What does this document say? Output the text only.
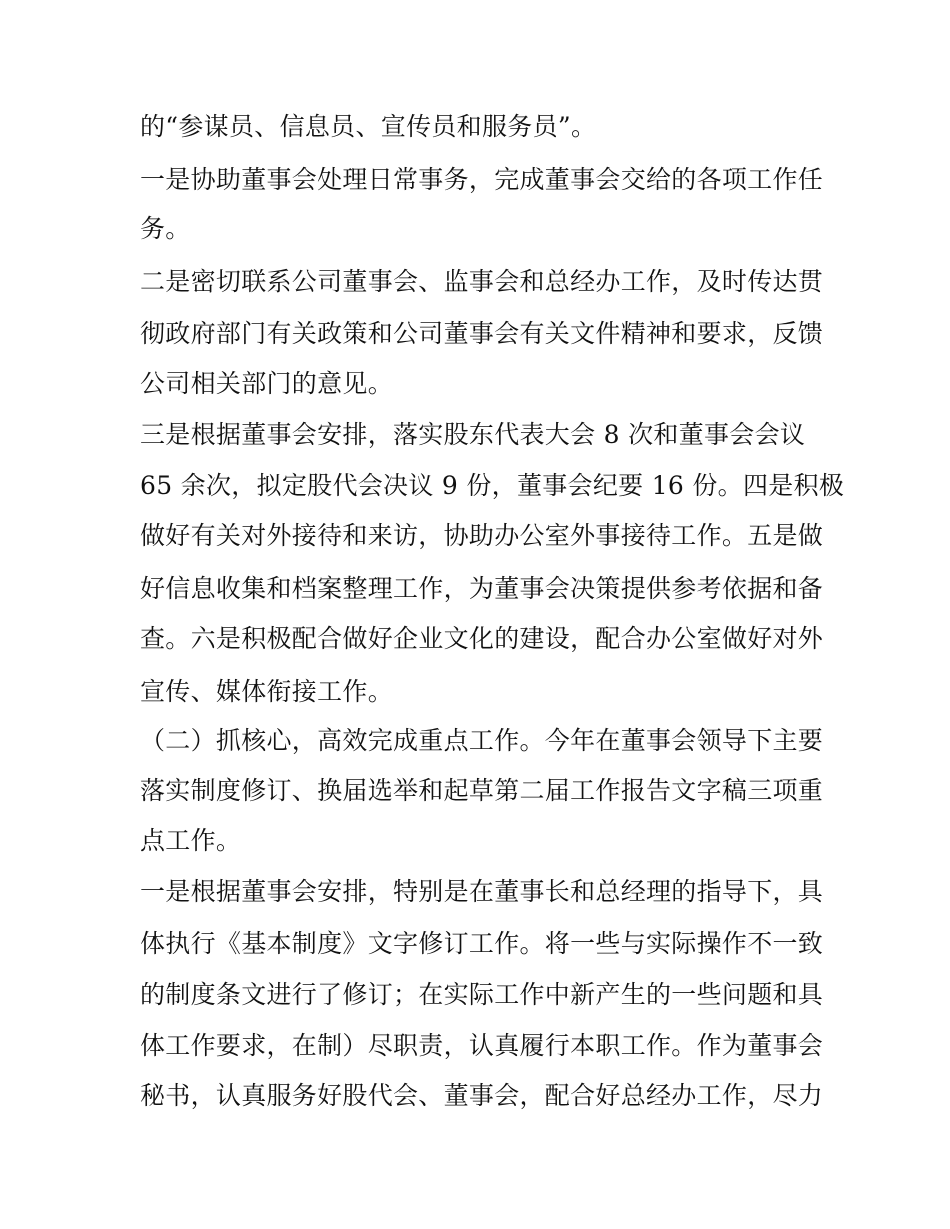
的“参谋员、信息员、宣传员和服务员”。

一是协助董事会处理日常事务，完成董事会交给的各项工作任

务。

二是密切联系公司董事会、监事会和总经办工作，及时传达贯

彻政府部门有关政策和公司董事会有关文件精神和要求，反馈

公司相关部门的意见。

三是根据董事会安排，落实股东代表大会 8 次和董事会会议

65 余次，拟定股代会决议 9 份，董事会纪要 16 份。四是积极

做好有关对外接待和来访，协助办公室外事接待工作。五是做

好信息收集和档案整理工作，为董事会决策提供参考依据和备

查。六是积极配合做好企业文化的建设，配合办公室做好对外

宣传、媒体衔接工作。

（二）抓核心，高效完成重点工作。今年在董事会领导下主要

落实制度修订、换届选举和起草第二届工作报告文字稿三项重

点工作。

一是根据董事会安排，特别是在董事长和总经理的指导下，具

体执行《基本制度》文字修订工作。将一些与实际操作不一致

的制度条文进行了修订；在实际工作中新产生的一些问题和具

体工作要求，在制）尽职责，认真履行本职工作。作为董事会

秘书，认真服务好股代会、董事会，配合好总经办工作，尽力
